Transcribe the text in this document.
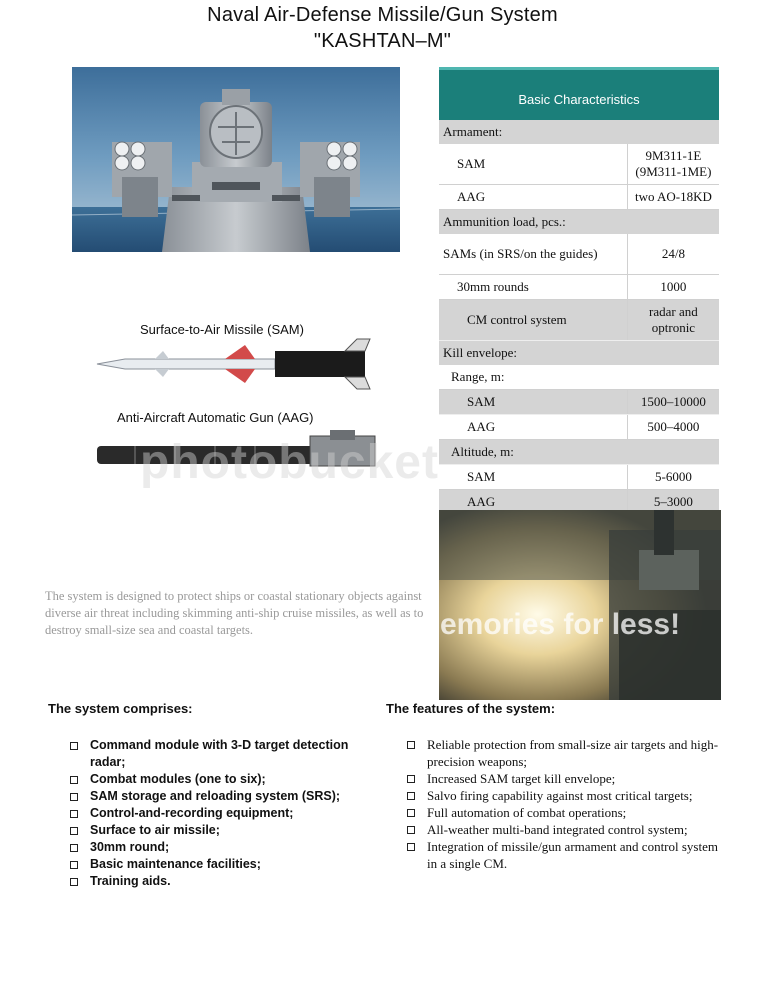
Naval Air-Defense Missile/Gun System
"KASHTAN–M"
Surface-to-Air Missile (SAM)
Anti-Aircraft Automatic Gun (AAG)
photobucket
The system is designed to protect ships or coastal stationary objects against diverse air threat including skimming anti-ship cruise missiles, as well as to destroy small-size sea and coastal targets.
Basic Characteristics	
Armament:	
SAM	9M311-1E
(9M311-1ME)

AAG	two AO-18KD
Ammunition load, pcs.:	
SAMs (in SRS/on the guides)	24/8
30mm rounds	1000
CM control system	radar and
optronic

Kill envelope:	
Range, m:	
SAM	1500–10000
AAG	500–4000
Altitude, m:	
SAM	5-6000
AAG	5–3000
emories for less!
The system comprises:
Command module with 3-D target detection radar;
Combat modules (one to six);
SAM storage and reloading system (SRS);
Control-and-recording equipment;
Surface to air missile;
30mm round;
Basic maintenance facilities;
Training aids.
The features of the system:
Reliable protection from small-size air targets and high-precision weapons;
Increased SAM target kill envelope;
Salvo firing capability against most critical targets;
Full automation of combat operations;
All-weather multi-band integrated control system;
Integration of missile/gun armament and control system in a single CM.
